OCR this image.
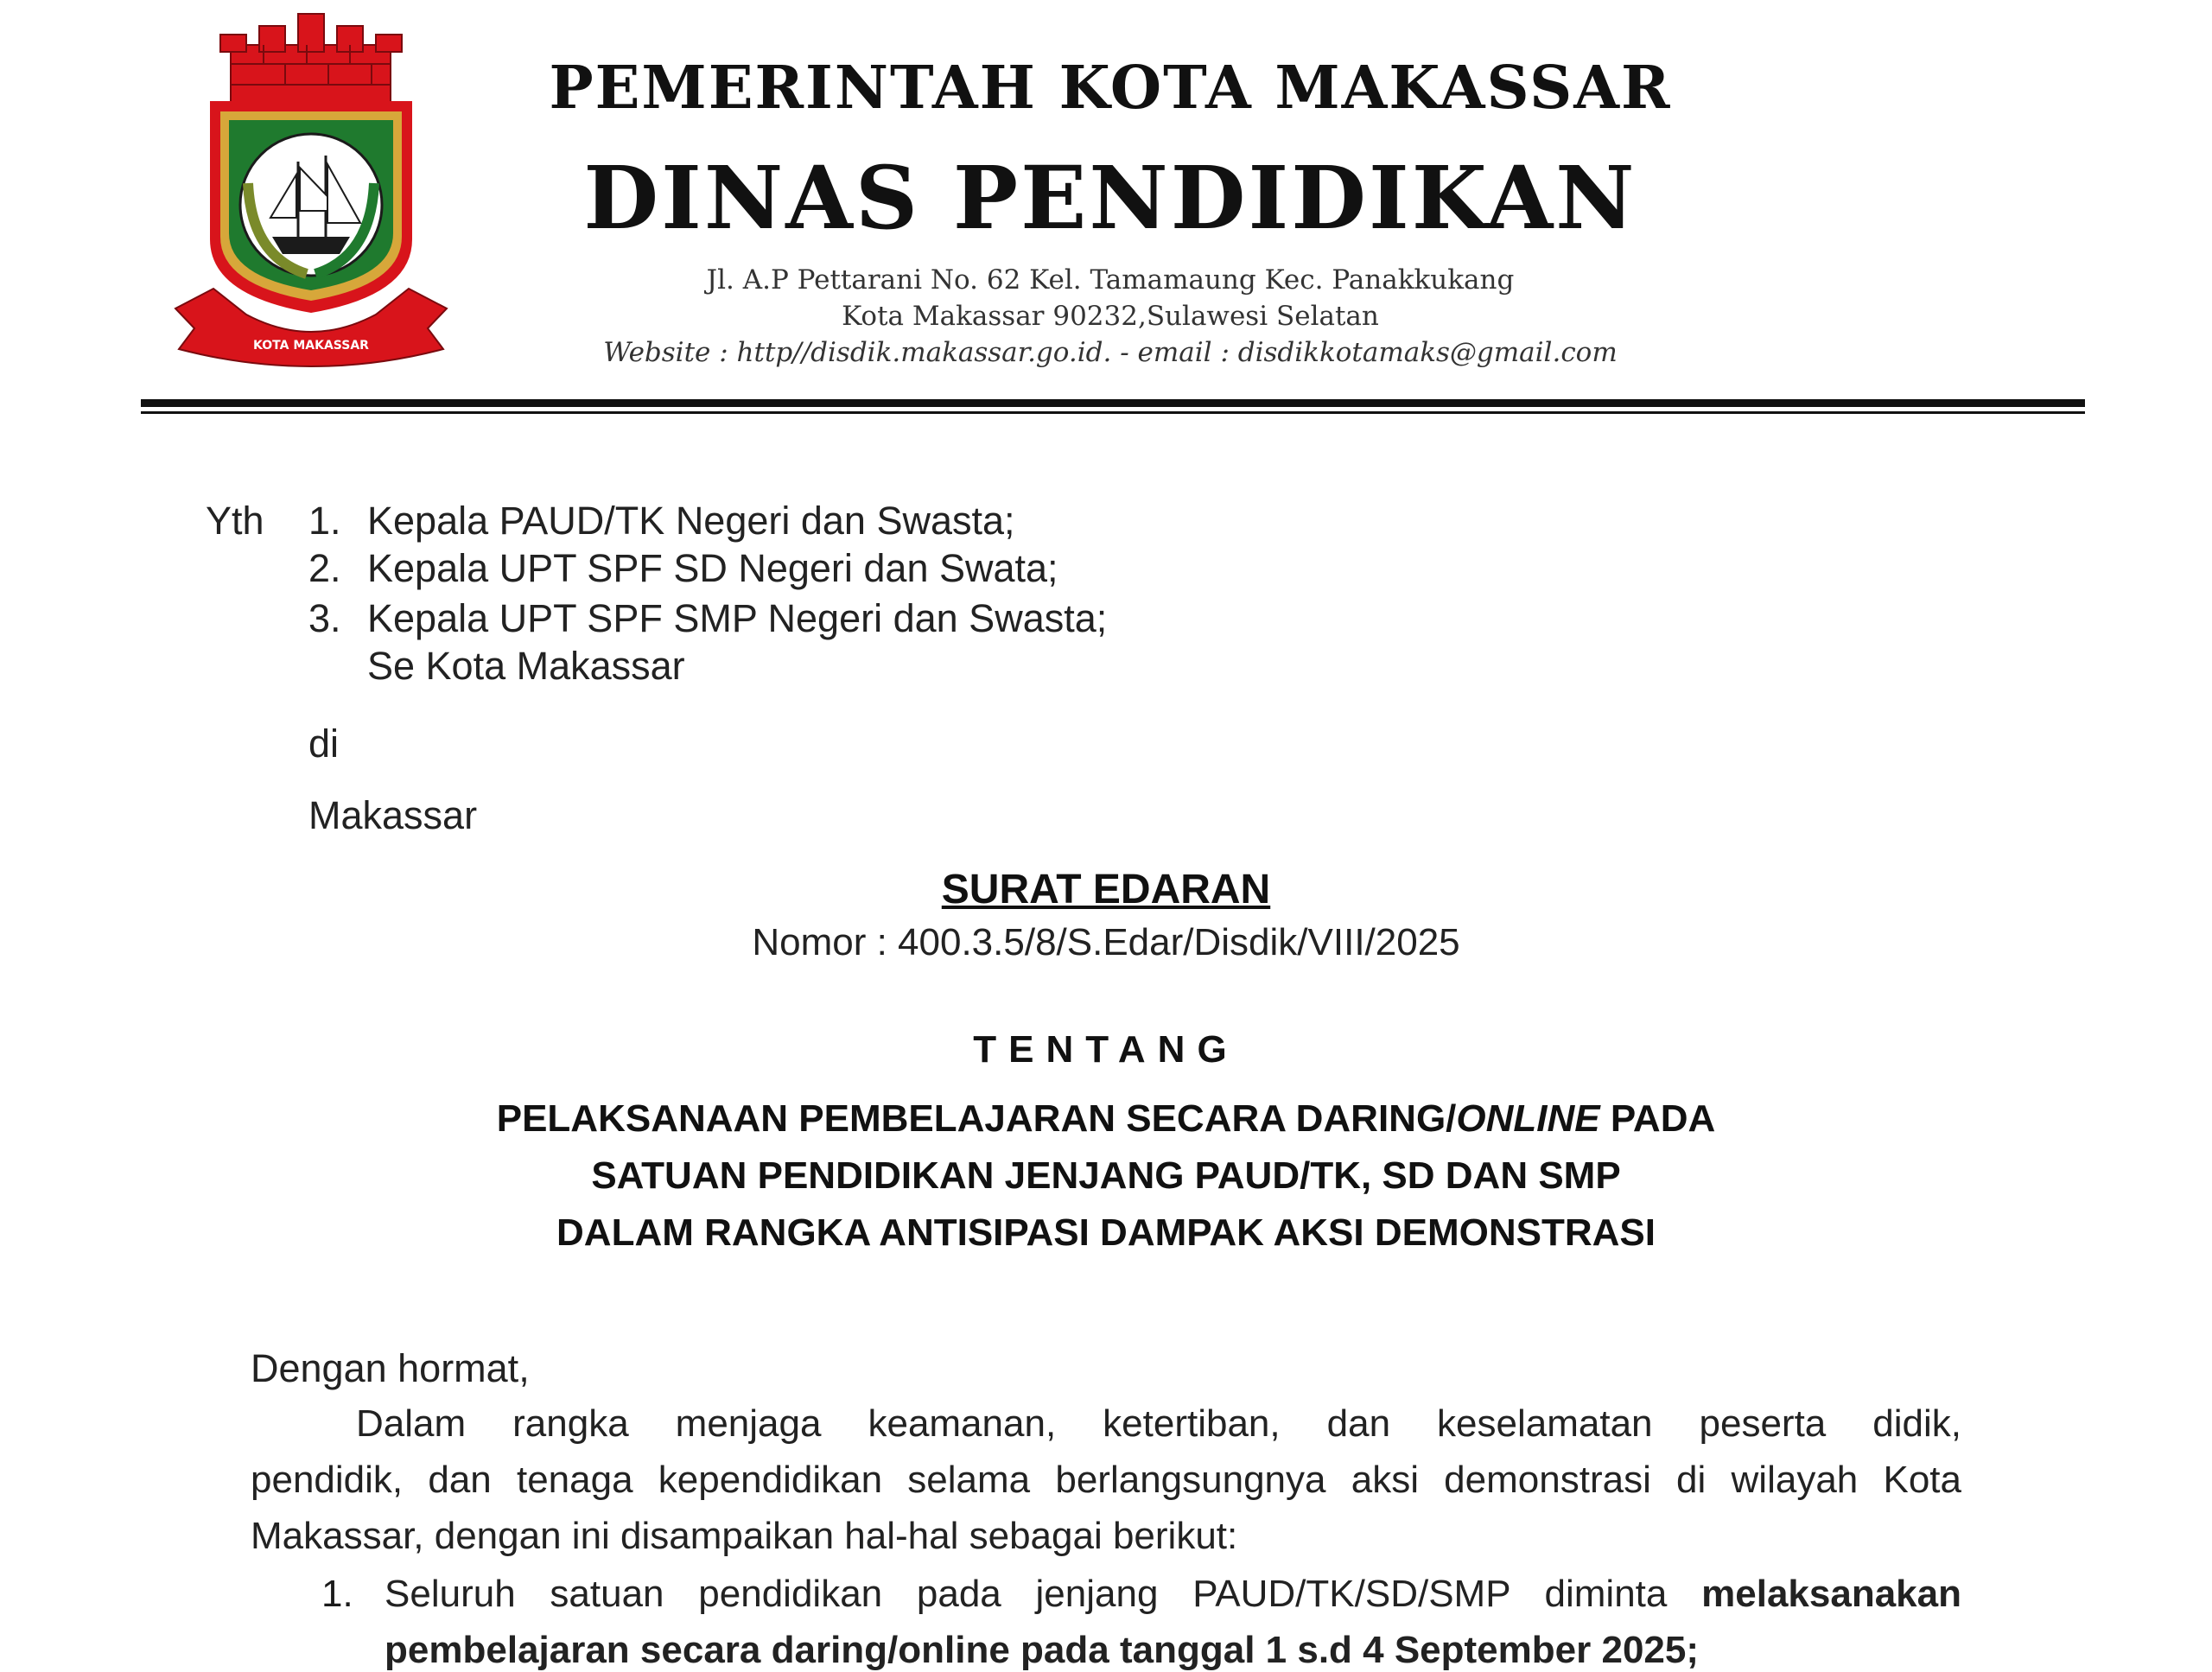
KOTA MAKASSAR
PEMERINTAH KOTA MAKASSAR
DINAS PENDIDIKAN
Jl. A.P Pettarani No. 62 Kel. Tamamaung Kec. Panakkukang
Kota Makassar 90232,Sulawesi Selatan
Website : http//disdik.makassar.go.id. - email : disdikkotamaks@gmail.com
Yth 1. Kepala PAUD/TK Negeri dan Swasta;
2. Kepala UPT SPF SD Negeri dan Swata;
3. Kepala UPT SPF SMP Negeri dan Swasta;
Se Kota Makassar
di
Makassar
SURAT EDARAN
Nomor : 400.3.5/8/S.Edar/Disdik/VIII/2025
TENTANG
PELAKSANAAN PEMBELAJARAN SECARA DARING/ONLINE PADA
SATUAN PENDIDIKAN JENJANG PAUD/TK, SD DAN SMP
DALAM RANGKA ANTISIPASI DAMPAK AKSI DEMONSTRASI
Dengan hormat,
Dalam rangka menjaga keamanan, ketertiban, dan keselamatan peserta didik,
pendidik, dan tenaga kependidikan selama berlangsungnya aksi demonstrasi di wilayah Kota
Makassar, dengan ini disampaikan hal-hal sebagai berikut:
1. Seluruh satuan pendidikan pada jenjang PAUD/TK/SD/SMP diminta melaksanakan
pembelajaran secara daring/online pada tanggal 1 s.d 4 September 2025;
